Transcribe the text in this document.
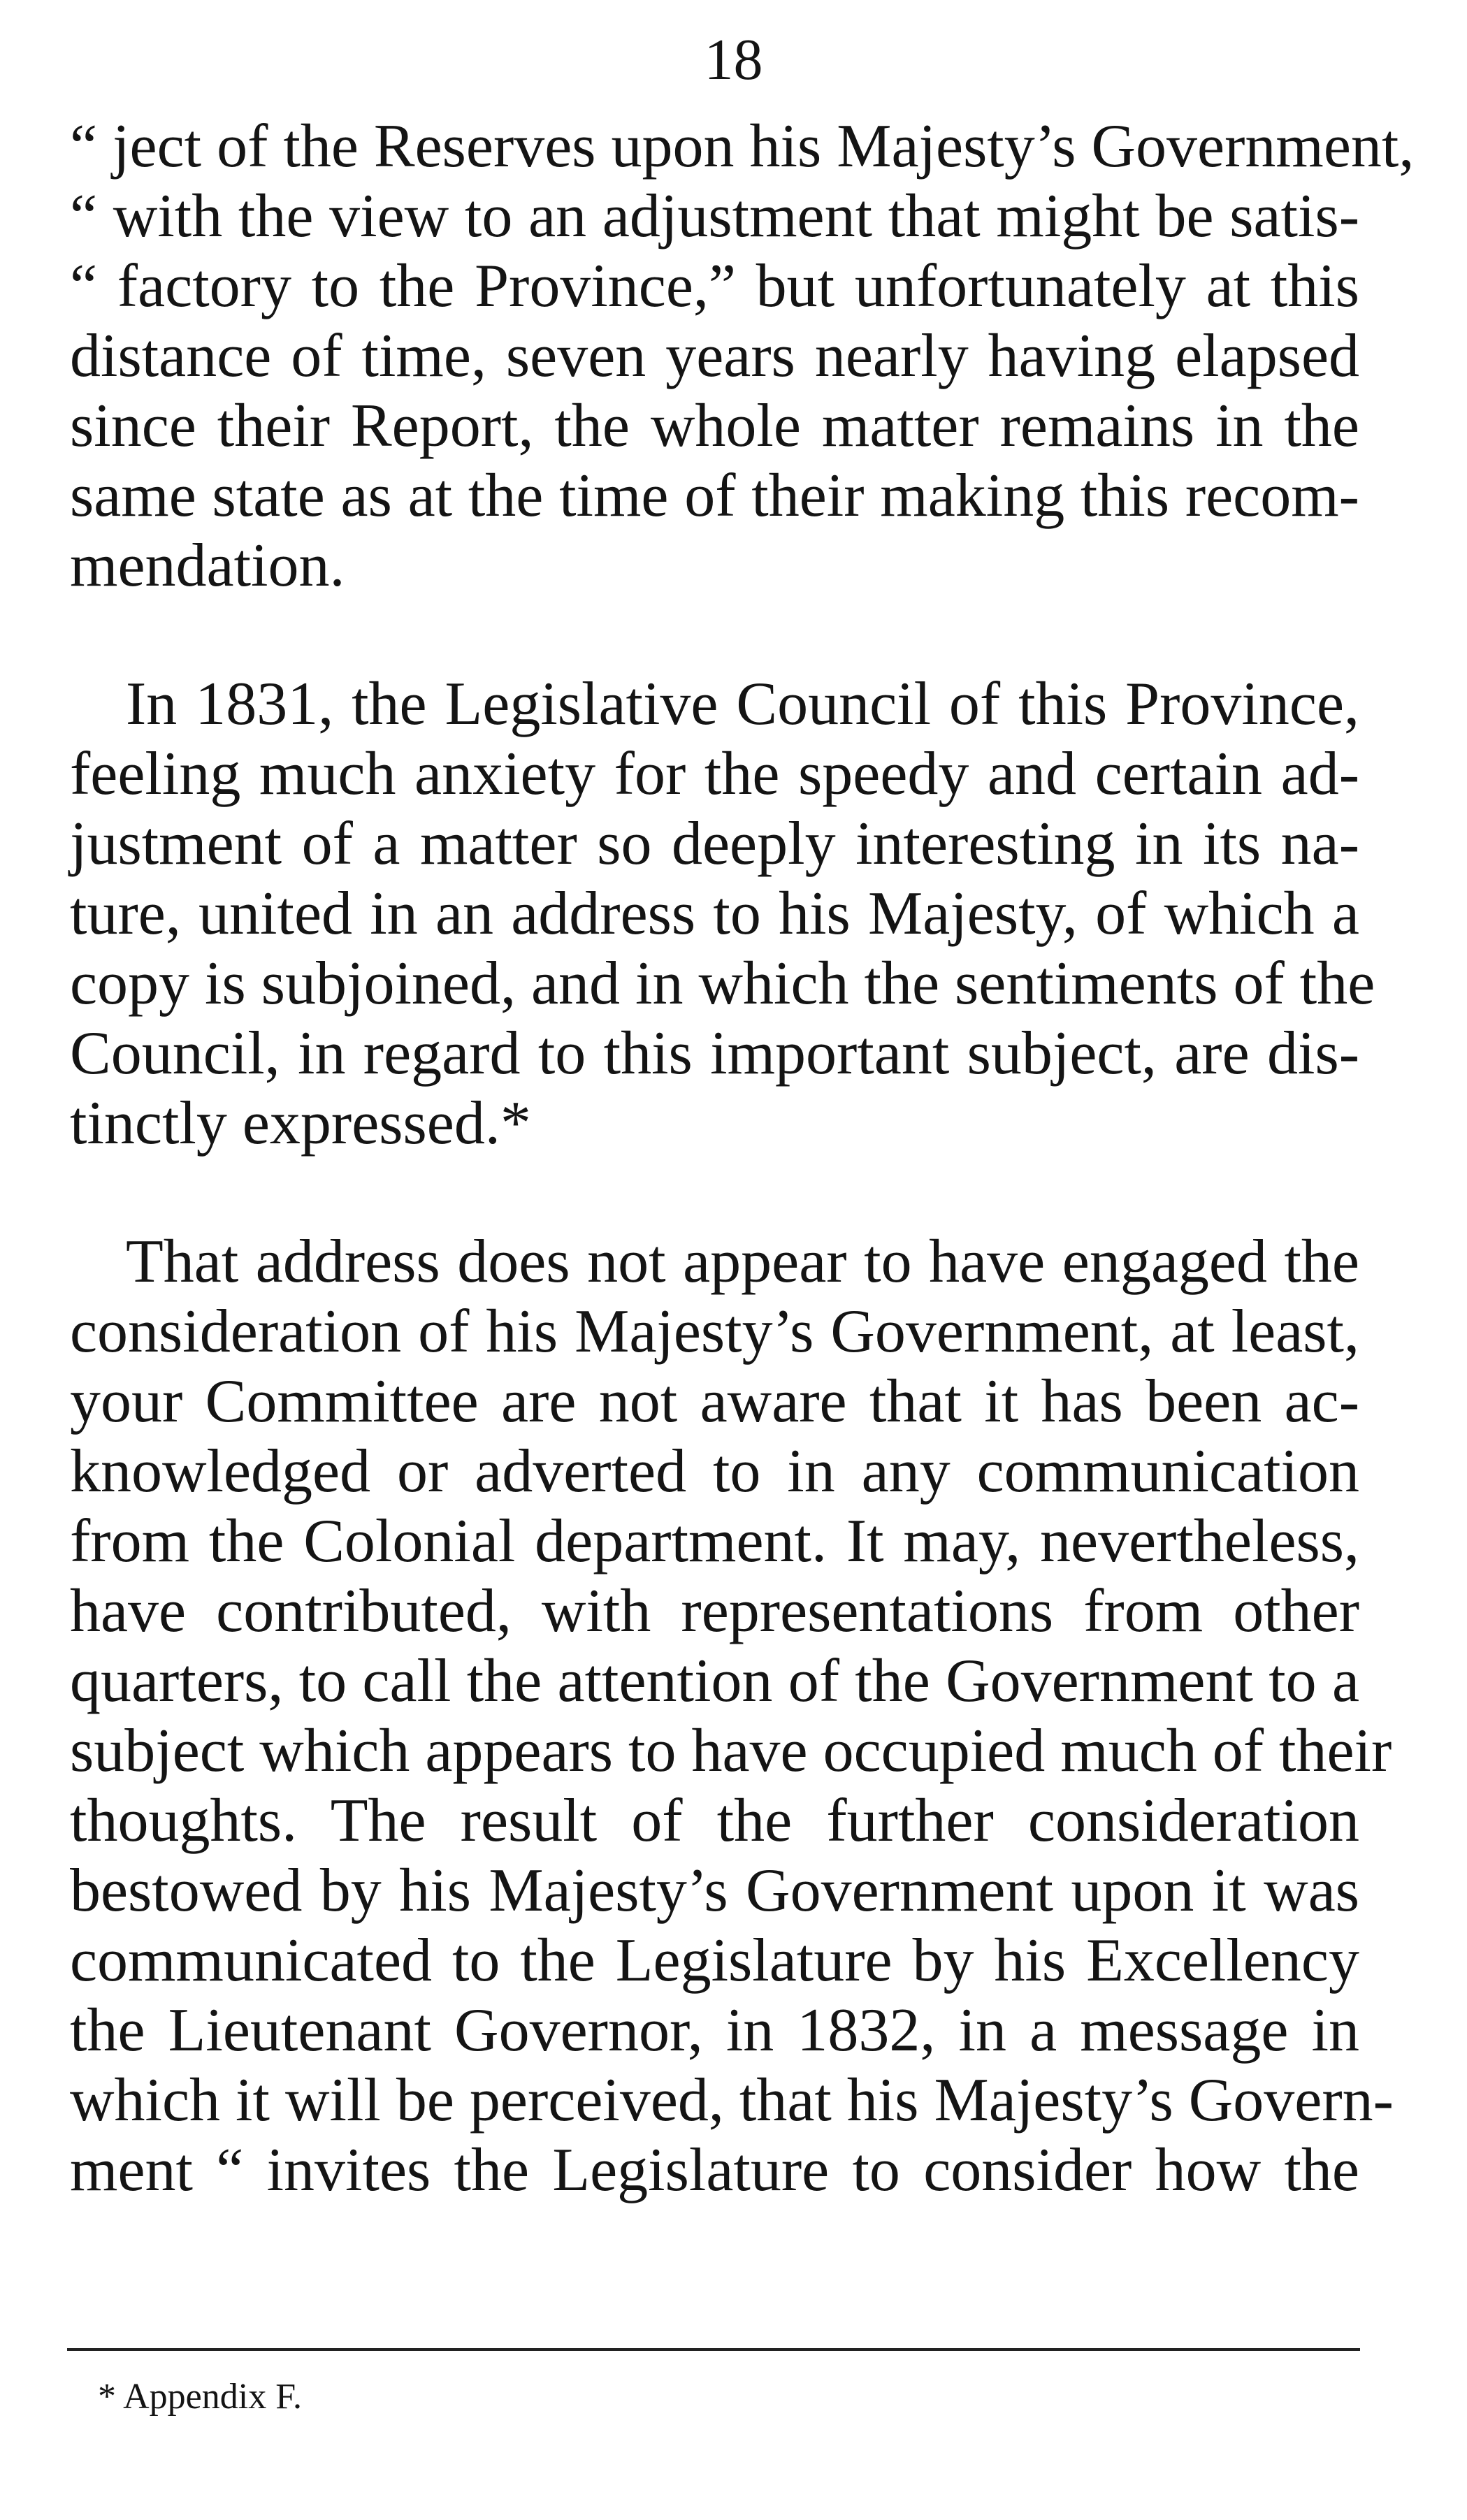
18
“ ject of the Reserves upon his Majesty’s Government,
“ with the view to an adjustment that might be satis-
“ factory to the Province,” but unfortunately at this
distance of time, seven years nearly having elapsed
since their Report, the whole matter remains in the
same state as at the time of their making this recom-
mendation.
In 1831, the Legislative Council of this Province,
feeling much anxiety for the speedy and certain ad-
justment of a matter so deeply interesting in its na-
ture, united in an address to his Majesty, of which a
copy is subjoined, and in which the sentiments of the
Council, in regard to this important subject, are dis-
tinctly expressed.*
That address does not appear to have engaged the
consideration of his Majesty’s Government, at least,
your Committee are not aware that it has been ac-
knowledged or adverted to in any communication
from the Colonial department. It may, nevertheless,
have contributed, with representations from other
quarters, to call the attention of the Government to a
subject which appears to have occupied much of their
thoughts. The result of the further consideration
bestowed by his Majesty’s Government upon it was
communicated to the Legislature by his Excellency
the Lieutenant Governor, in 1832, in a message in
which it will be perceived, that his Majesty’s Govern-
ment “ invites the Legislature to consider how the
* Appendix F.
